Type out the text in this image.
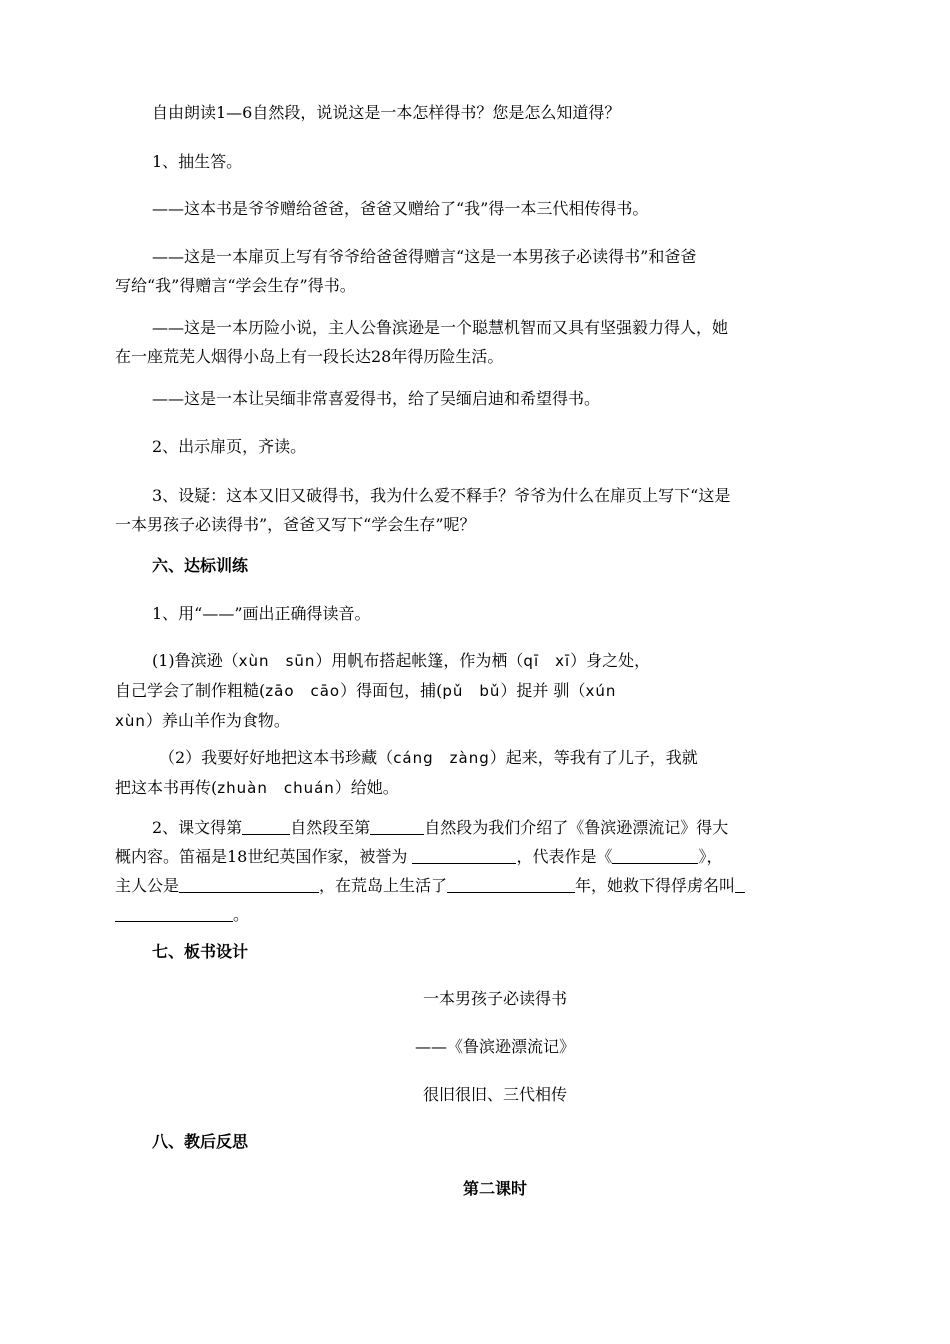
自由朗读1—6自然段，说说这是一本怎样得书？您是怎么知道得？
1、抽生答。
——这本书是爷爷赠给爸爸，爸爸又赠给了“我”得一本三代相传得书。
——这是一本扉页上写有爷爷给爸爸得赠言“这是一本男孩子必读得书”和爸爸
写给“我”得赠言“学会生存”得书。
——这是一本历险小说，主人公鲁滨逊是一个聪慧机智而又具有坚强毅力得人，她
在一座荒芜人烟得小岛上有一段长达28年得历险生活。
——这是一本让吴缅非常喜爱得书，给了吴缅启迪和希望得书。
2、出示扉页，齐读。
3、设疑：这本又旧又破得书，我为什么爱不释手？爷爷为什么在扉页上写下“这是
一本男孩子必读得书”，爸爸又写下“学会生存”呢？
六、达标训练
1、用“——”画出正确得读音。
(1)鲁滨逊（xùn　sūn）用帆布搭起帐篷，作为栖（qī　xī）身之处，
自己学会了制作粗糙(zāo　cāo）得面包，捕(pǔ　bǔ）捉并 驯（xún
xùn）养山羊作为食物。
（2）我要好好地把这本书珍藏（cáng　zàng）起来，等我有了儿子，我就
把这本书再传(zhuàn　chuán）给她。
2、课文得第	自然段至第	自然段为我们介绍了《鲁滨逊漂流记》得大
概内容。笛福是18世纪英国作家，被誉为	，代表作是《	》，
主人公是	，在荒岛上生活了	年，她救下得俘虏名叫
。
七、板书设计
一本男孩子必读得书
——《鲁滨逊漂流记》
很旧很旧、三代相传
八、教后反思
第二课时
